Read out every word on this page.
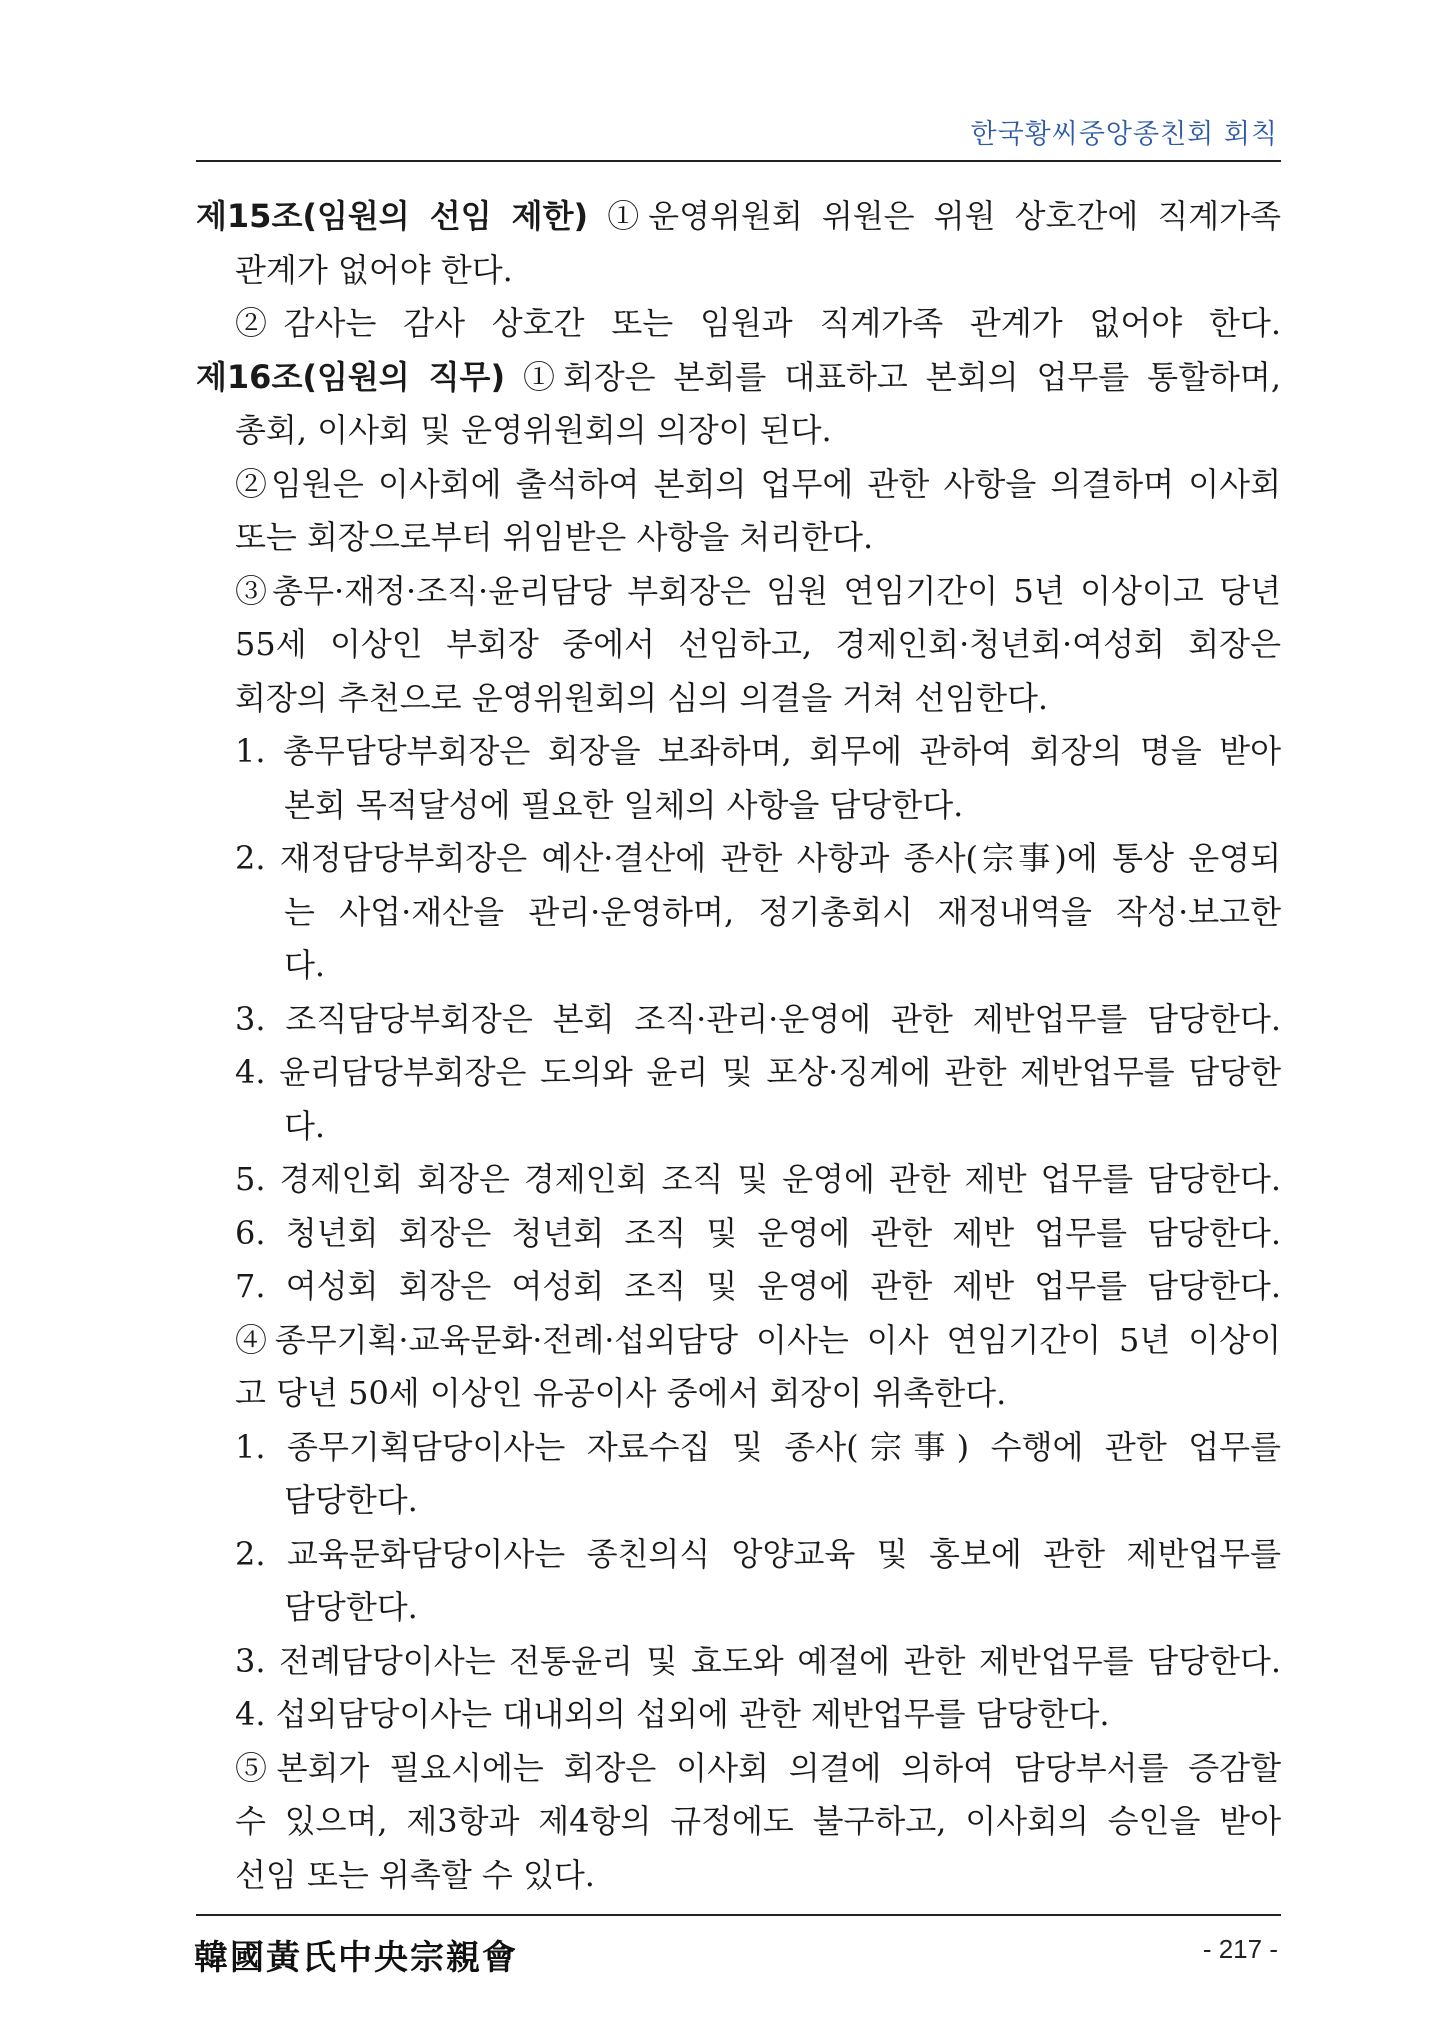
한국황씨중앙종친회 회칙
제15조(임원의 선임 제한) ①운영위원회 위원은 위원 상호간에 직계가족
관계가 없어야 한다.
②감사는 감사 상호간 또는 임원과 직계가족 관계가 없어야 한다.
제16조(임원의 직무) ①회장은 본회를 대표하고 본회의 업무를 통할하며,
총회, 이사회 및 운영위원회의 의장이 된다.
②임원은 이사회에 출석하여 본회의 업무에 관한 사항을 의결하며 이사회
또는 회장으로부터 위임받은 사항을 처리한다.
③총무·재정·조직·윤리담당 부회장은 임원 연임기간이 5년 이상이고 당년
55세 이상인 부회장 중에서 선임하고, 경제인회·청년회·여성회 회장은
회장의 추천으로 운영위원회의 심의 의결을 거쳐 선임한다.
1. 총무담당부회장은 회장을 보좌하며, 회무에 관하여 회장의 명을 받아
본회 목적달성에 필요한 일체의 사항을 담당한다.
2. 재정담당부회장은 예산·결산에 관한 사항과 종사(宗事)에 통상 운영되
는 사업·재산을 관리·운영하며, 정기총회시 재정내역을 작성·보고한
다.
3. 조직담당부회장은 본회 조직·관리·운영에 관한 제반업무를 담당한다.
4. 윤리담당부회장은 도의와 윤리 및 포상·징계에 관한 제반업무를 담당한
다.
5. 경제인회 회장은 경제인회 조직 및 운영에 관한 제반 업무를 담당한다.
6. 청년회 회장은 청년회 조직 및 운영에 관한 제반 업무를 담당한다.
7. 여성회 회장은 여성회 조직 및 운영에 관한 제반 업무를 담당한다.
④종무기획·교육문화·전례·섭외담당 이사는 이사 연임기간이 5년 이상이
고 당년 50세 이상인 유공이사 중에서 회장이 위촉한다.
1. 종무기획담당이사는 자료수집 및 종사(宗事) 수행에 관한 업무를
담당한다.
2. 교육문화담당이사는 종친의식 앙양교육 및 홍보에 관한 제반업무를
담당한다.
3. 전례담당이사는 전통윤리 및 효도와 예절에 관한 제반업무를 담당한다.
4. 섭외담당이사는 대내외의 섭외에 관한 제반업무를 담당한다.
⑤본회가 필요시에는 회장은 이사회 의결에 의하여 담당부서를 증감할
수 있으며, 제3항과 제4항의 규정에도 불구하고, 이사회의 승인을 받아
선임 또는 위촉할 수 있다.
韓國黃氏中央宗親會	- 217 -
